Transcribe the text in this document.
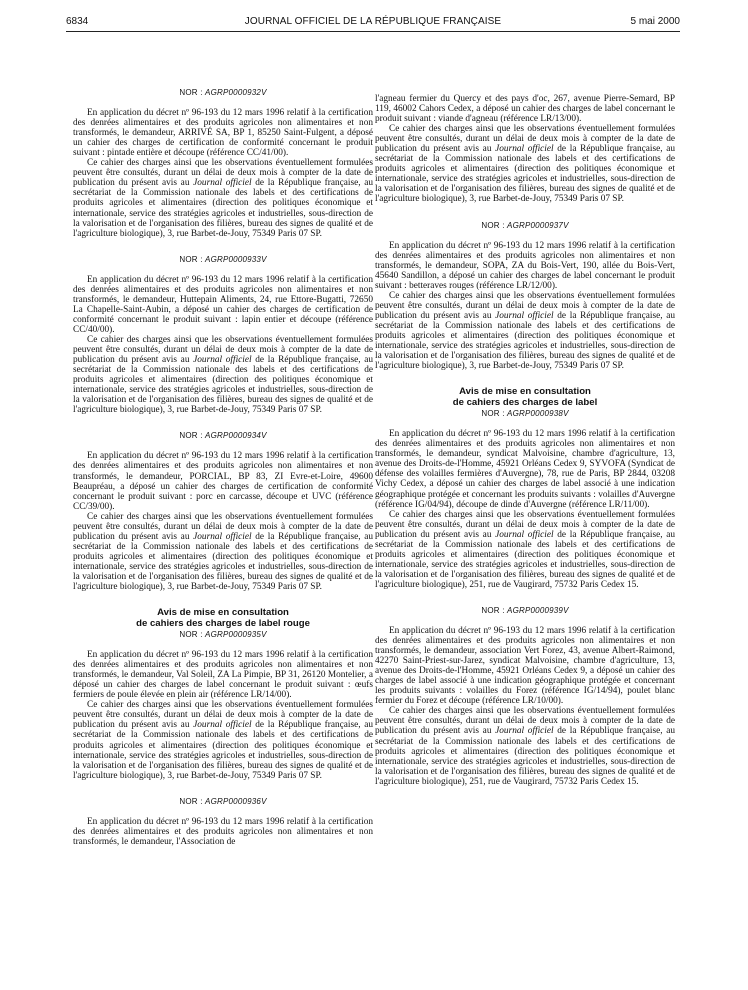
6834	JOURNAL OFFICIEL DE LA RÉPUBLIQUE FRANÇAISE	5 mai 2000
NOR : AGRP0000932V

En application du décret nº 96-193 du 12 mars 1996 relatif à la certification des denrées alimentaires et des produits agricoles non alimentaires et non transformés, le demandeur, ARRIVÉ SA, BP 1, 85250 Saint-Fulgent, a déposé un cahier des charges de certification de conformité concernant le produit suivant : pintade entière et découpe (référence CC/41/00).

Ce cahier des charges ainsi que les observations éventuellement formulées peuvent être consultés, durant un délai de deux mois à compter de la date de publication du présent avis au Journal officiel de la République française, au secrétariat de la Commission nationale des labels et des certifications de produits agricoles et alimentaires (direction des politiques économique et internationale, service des stratégies agricoles et industrielles, sous-direction de la valorisation et de l'organisation des filières, bureau des signes de qualité et de l'agriculture biologique), 3, rue Barbet-de-Jouy, 75349 Paris 07 SP.

NOR : AGRP0000933V

En application du décret nº 96-193 du 12 mars 1996 relatif à la certification des denrées alimentaires et des produits agricoles non alimentaires et non transformés, le demandeur, Huttepain Aliments, 24, rue Ettore-Bugatti, 72650 La Chapelle-Saint-Aubin, a déposé un cahier des charges de certification de conformité concernant le produit suivant : lapin entier et découpe (référence CC/40/00).

Ce cahier des charges ainsi que les observations éventuellement formulées peuvent être consultés, durant un délai de deux mois à compter de la date de publication du présent avis au Journal officiel de la République française, au secrétariat de la Commission nationale des labels et des certifications de produits agricoles et alimentaires (direction des politiques économique et internationale, service des stratégies agricoles et industrielles, sous-direction de la valorisation et de l'organisation des filières, bureau des signes de qualité et de l'agriculture biologique), 3, rue Barbet-de-Jouy, 75349 Paris 07 SP.

NOR : AGRP0000934V

En application du décret nº 96-193 du 12 mars 1996 relatif à la certification des denrées alimentaires et des produits agricoles non alimentaires et non transformés, le demandeur, PORCIAL, BP 83, ZI Evre-et-Loire, 49600 Beaupréau, a déposé un cahier des charges de certification de conformité concernant le produit suivant : porc en carcasse, découpe et UVC (référence CC/39/00).

Ce cahier des charges ainsi que les observations éventuellement formulées peuvent être consultés, durant un délai de deux mois à compter de la date de publication du présent avis au Journal officiel de la République française, au secrétariat de la Commission nationale des labels et des certifications de produits agricoles et alimentaires (direction des politiques économique et internationale, service des stratégies agricoles et industrielles, sous-direction de la valorisation et de l'organisation des filières, bureau des signes de qualité et de l'agriculture biologique), 3, rue Barbet-de-Jouy, 75349 Paris 07 SP.

Avis de mise en consultation
de cahiers des charges de label rouge
NOR : AGRP0000935V

En application du décret nº 96-193 du 12 mars 1996 relatif à la certification des denrées alimentaires et des produits agricoles non alimentaires et non transformés, le demandeur, Val Soleil, ZA La Pimpie, BP 31, 26120 Montelier, a déposé un cahier des charges de label concernant le produit suivant : œufs fermiers de poule élevée en plein air (référence LR/14/00).

Ce cahier des charges ainsi que les observations éventuellement formulées peuvent être consultés, durant un délai de deux mois à compter de la date de publication du présent avis au Journal officiel de la République française, au secrétariat de la Commission nationale des labels et des certifications de produits agricoles et alimentaires (direction des politiques économique et internationale, service des stratégies agricoles et industrielles, sous-direction de la valorisation et de l'organisation des filières, bureau des signes de qualité et de l'agriculture biologique), 3, rue Barbet-de-Jouy, 75349 Paris 07 SP.

NOR : AGRP0000936V

En application du décret nº 96-193 du 12 mars 1996 relatif à la certification des denrées alimentaires et des produits agricoles non alimentaires et non transformés, le demandeur, l'Association de

l'agneau fermier du Quercy et des pays d'oc, 267, avenue Pierre-Semard, BP 119, 46002 Cahors Cedex, a déposé un cahier des charges de label concernant le produit suivant : viande d'agneau (référence LR/13/00).

Ce cahier des charges ainsi que les observations éventuellement formulées peuvent être consultés, durant un délai de deux mois à compter de la date de publication du présent avis au Journal officiel de la République française, au secrétariat de la Commission nationale des labels et des certifications de produits agricoles et alimentaires (direction des politiques économique et internationale, service des stratégies agricoles et industrielles, sous-direction de la valorisation et de l'organisation des filières, bureau des signes de qualité et de l'agriculture biologique), 3, rue Barbet-de-Jouy, 75349 Paris 07 SP.

NOR : AGRP0000937V

En application du décret nº 96-193 du 12 mars 1996 relatif à la certification des denrées alimentaires et des produits agricoles non alimentaires et non transformés, le demandeur, SOPA, ZA du Bois-Vert, 190, allée du Bois-Vert, 45640 Sandillon, a déposé un cahier des charges de label concernant le produit suivant : betteraves rouges (référence LR/12/00).

Ce cahier des charges ainsi que les observations éventuellement formulées peuvent être consultés, durant un délai de deux mois à compter de la date de publication du présent avis au Journal officiel de la République française, au secrétariat de la Commission nationale des labels et des certifications de produits agricoles et alimentaires (direction des politiques économique et internationale, service des stratégies agricoles et industrielles, sous-direction de la valorisation et de l'organisation des filières, bureau des signes de qualité et de l'agriculture biologique), 3, rue Barbet-de-Jouy, 75349 Paris 07 SP.

Avis de mise en consultation
de cahiers des charges de label
NOR : AGRP0000938V

En application du décret nº 96-193 du 12 mars 1996 relatif à la certification des denrées alimentaires et des produits agricoles non alimentaires et non transformés, le demandeur, syndicat Malvoisine, chambre d'agriculture, 13, avenue des Droits-de-l'Homme, 45921 Orléans Cedex 9, SYVOFA (Syndicat de défense des volailles fermières d'Auvergne), 78, rue de Paris, BP 2844, 03208 Vichy Cedex, a déposé un cahier des charges de label associé à une indication géographique protégée et concernant les produits suivants : volailles d'Auvergne (référence IG/04/94), découpe de dinde d'Auvergne (référence LR/11/00).

Ce cahier des charges ainsi que les observations éventuellement formulées peuvent être consultés, durant un délai de deux mois à compter de la date de publication du présent avis au Journal officiel de la République française, au secrétariat de la Commission nationale des labels et des certifications de produits agricoles et alimentaires (direction des politiques économique et internationale, service des stratégies agricoles et industrielles, sous-direction de la valorisation et de l'organisation des filières, bureau des signes de qualité et de l'agriculture biologique), 251, rue de Vaugirard, 75732 Paris Cedex 15.

NOR : AGRP0000939V

En application du décret nº 96-193 du 12 mars 1996 relatif à la certification des denrées alimentaires et des produits agricoles non alimentaires et non transformés, le demandeur, association Vert Forez, 43, avenue Albert-Raimond, 42270 Saint-Priest-sur-Jarez, syndicat Malvoisine, chambre d'agriculture, 13, avenue des Droits-de-l'Homme, 45921 Orléans Cedex 9, a déposé un cahier des charges de label associé à une indication géographique protégée et concernant les produits suivants : volailles du Forez (référence IG/14/94), poulet blanc fermier du Forez et découpe (référence LR/10/00).

Ce cahier des charges ainsi que les observations éventuellement formulées peuvent être consultés, durant un délai de deux mois à compter de la date de publication du présent avis au Journal officiel de la République française, au secrétariat de la Commission nationale des labels et des certifications de produits agricoles et alimentaires (direction des politiques économique et internationale, service des stratégies agricoles et industrielles, sous-direction de la valorisation et de l'organisation des filières, bureau des signes de qualité et de l'agriculture biologique), 251, rue de Vaugirard, 75732 Paris Cedex 15.
